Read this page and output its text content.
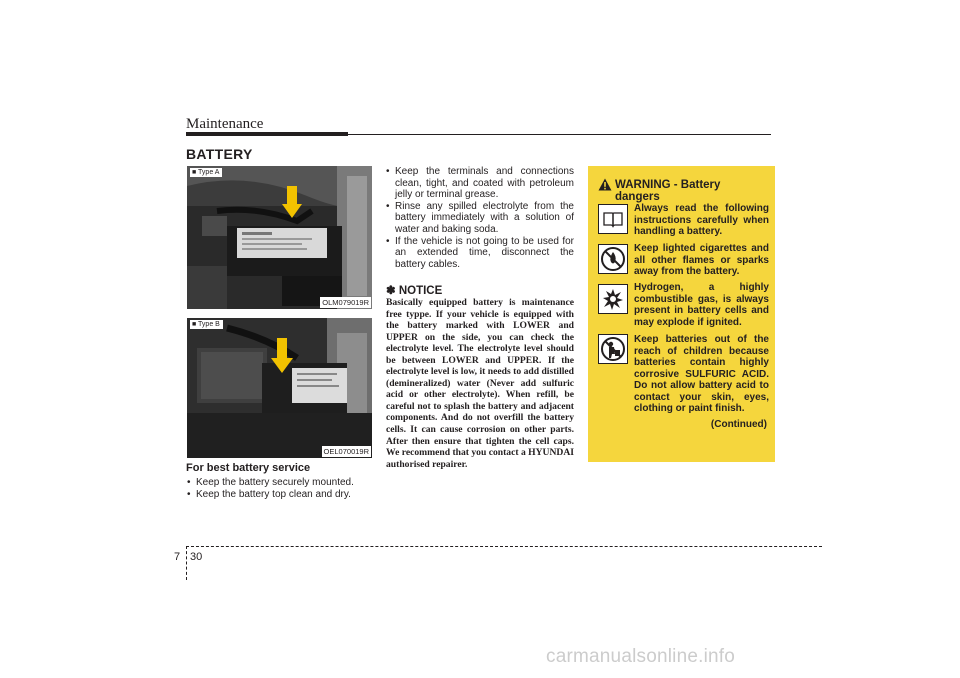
Maintenance
BATTERY
■ Type A
OLM079019R
■ Type B
OEL070019R
For best battery service
• Keep the battery securely mounted.
• Keep the battery top clean and dry.
• Keep the terminals and connections clean, tight, and coated with petroleum jelly or terminal grease.
• Rinse any spilled electrolyte from the battery immediately with a solution of water and baking soda.
• If the vehicle is not going to be used for an extended time, disconnect the battery cables.
✽ NOTICE

Basically equipped battery is maintenance free typpe. If your vehicle is equipped with the battery marked with LOWER and UPPER on the side, you can check the electrolyte level. The electrolyte level should be between LOWER and UPPER. If the electrolyte level is low, it needs to add distilled (demineralized) water (Never add sulfuric acid or other electrolyte). When refill, be careful not to splash the battery and adjacent components. And do not overfill the battery cells. It can cause corrosion on other parts. After then ensure that tighten the cell caps. We recommend that you contact a HYUNDAI authorised repairer.

WARNING - Battery dangers

Always read the following instructions carefully when handling a battery.

Keep lighted cigarettes and all other flames or sparks away from the battery.

Hydrogen, a highly combustible gas, is always present in battery cells and may explode if ignited.

Keep batteries out of the reach of children because batteries contain highly corrosive SULFURIC ACID. Do not allow battery acid to contact your skin, eyes, clothing or paint finish.

(Continued)
7 30
carmanualsonline.info
